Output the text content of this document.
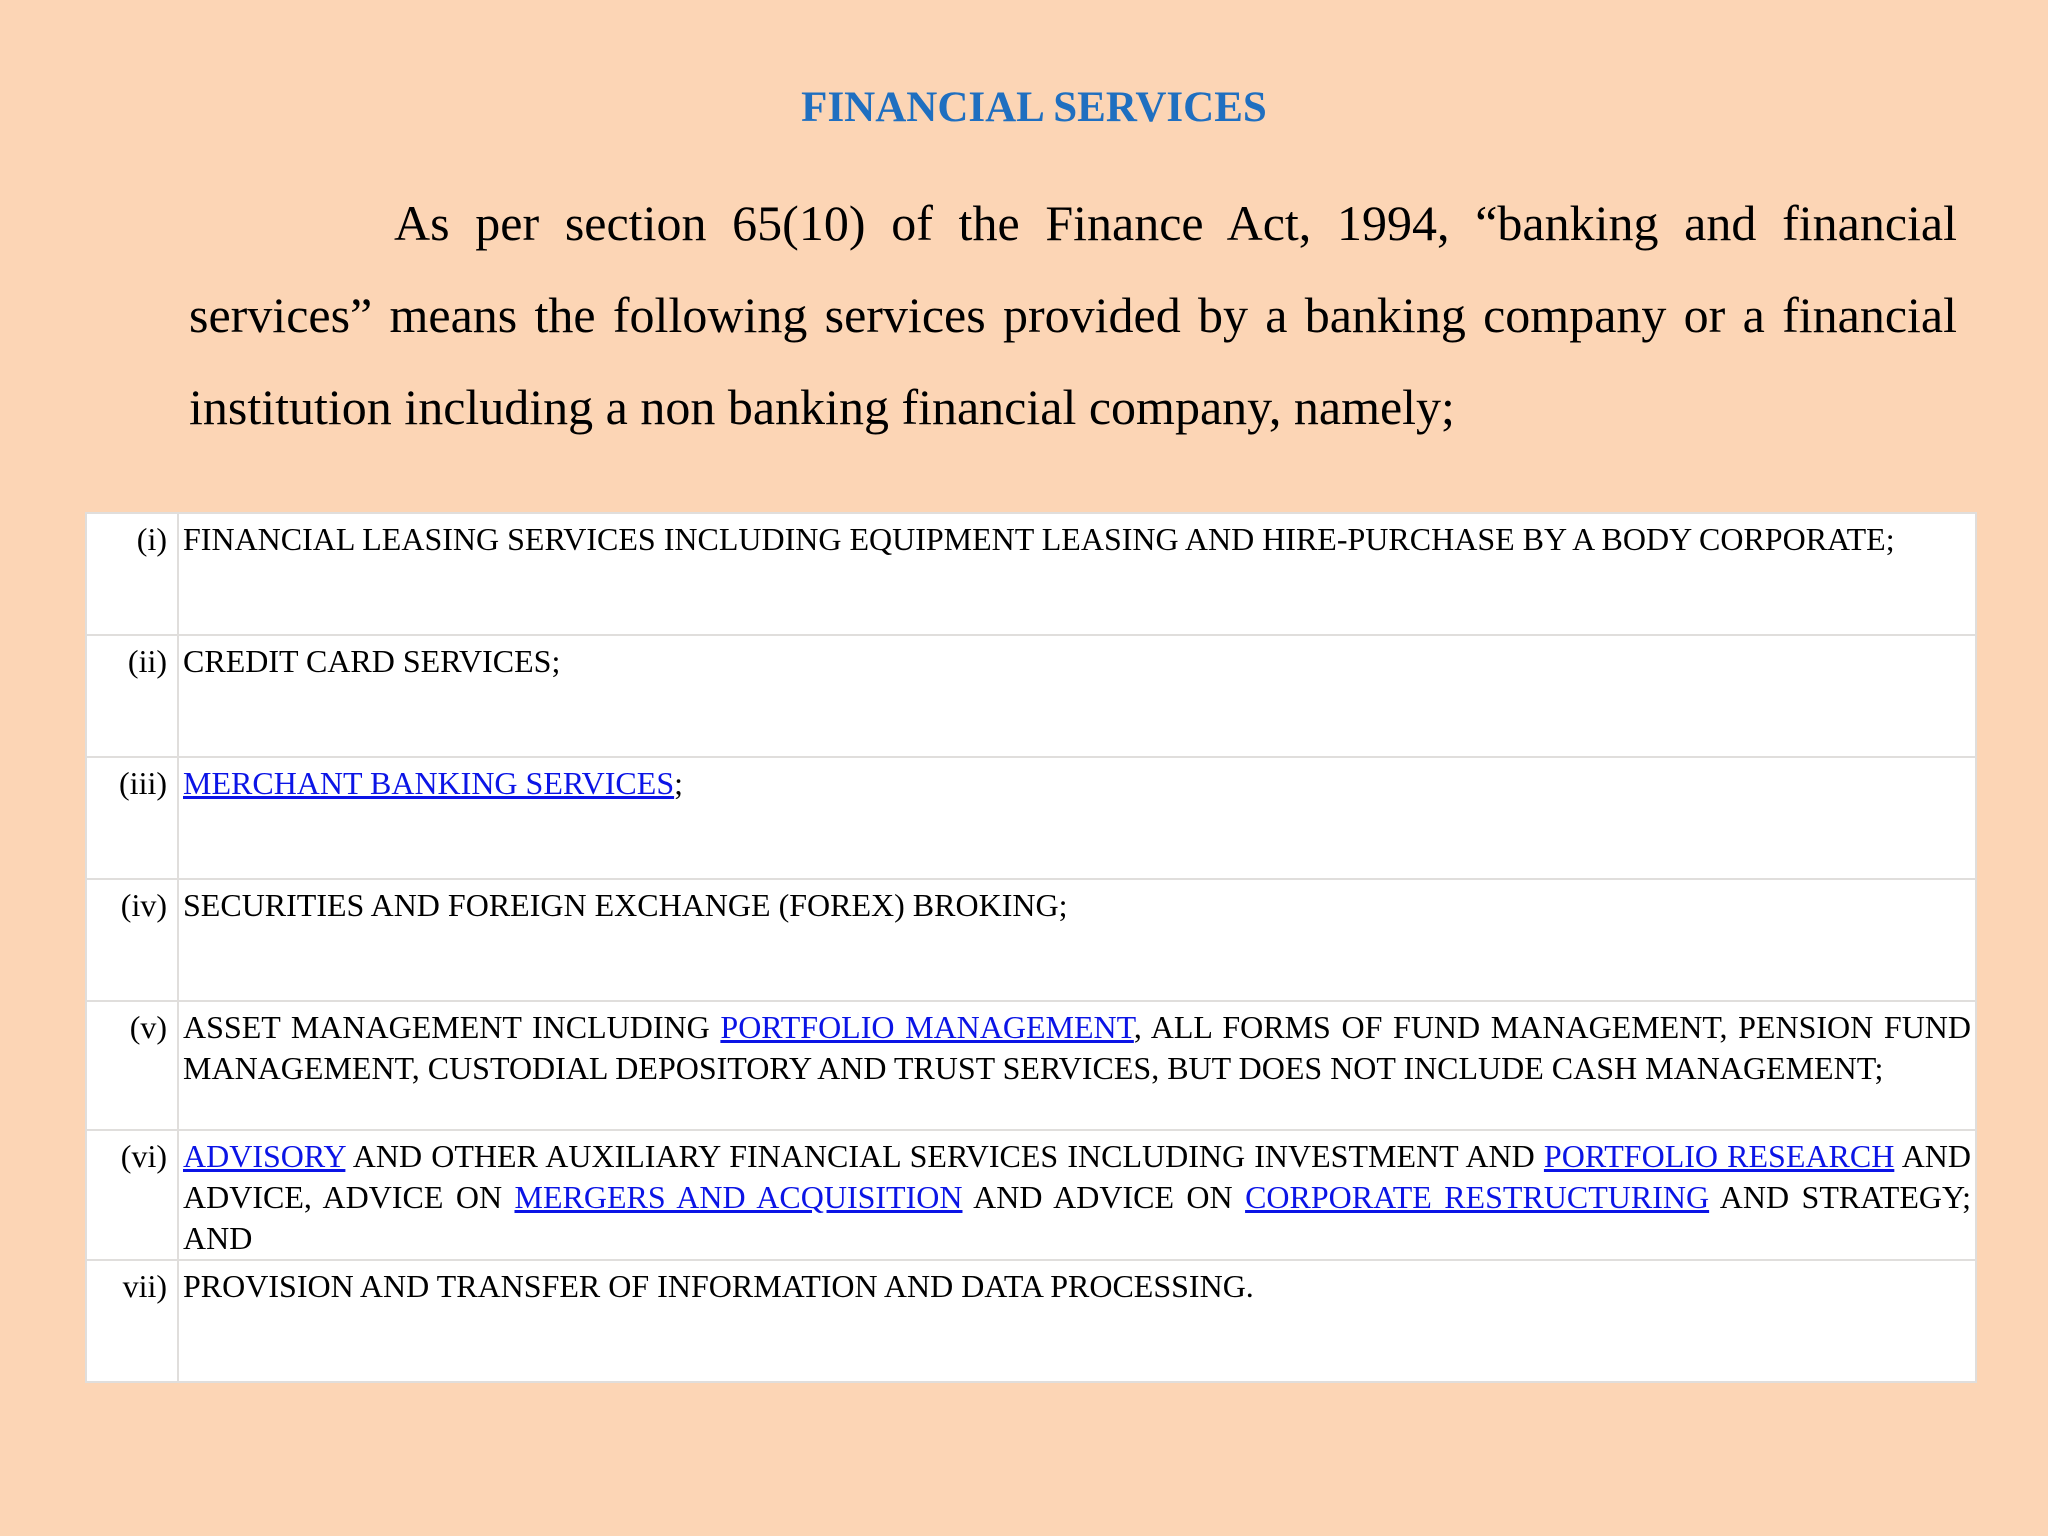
FINANCIAL SERVICES

As per section 65(10) of the Finance Act, 1994, “banking and financial services” means the following services provided by a banking company or a financial institution including a non banking financial company, namely;

(i)	FINANCIAL LEASING SERVICES INCLUDING EQUIPMENT LEASING AND HIRE-PURCHASE BY A BODY CORPORATE;
(ii)	CREDIT CARD SERVICES;
(iii)	MERCHANT BANKING SERVICES;
(iv)	SECURITIES AND FOREIGN EXCHANGE (FOREX) BROKING;
(v)	ASSET MANAGEMENT INCLUDING PORTFOLIO MANAGEMENT, ALL FORMS OF FUND MANAGEMENT, PENSION FUND MANAGEMENT, CUSTODIAL DEPOSITORY AND TRUST SERVICES, BUT DOES NOT INCLUDE CASH MANAGEMENT;
(vi)	ADVISORY AND OTHER AUXILIARY FINANCIAL SERVICES INCLUDING INVESTMENT AND PORTFOLIO RESEARCH AND ADVICE, ADVICE ON MERGERS AND ACQUISITION AND ADVICE ON CORPORATE RESTRUCTURING AND STRATEGY; AND
vii)	PROVISION AND TRANSFER OF INFORMATION AND DATA PROCESSING.
